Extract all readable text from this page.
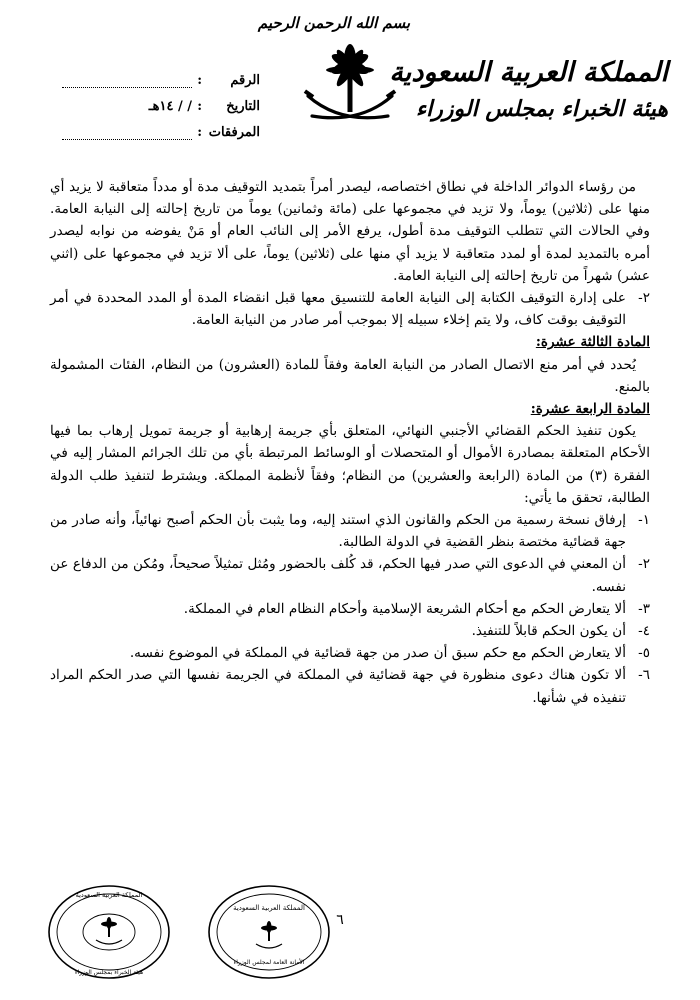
بسم الله الرحمن الرحيم
المملكة العربية السعودية
هيئة الخبراء بمجلس الوزراء
الرقم
:
التاريخ
:
/ / ١٤هـ
المرفقات
:

من رؤساء الدوائر الداخلة في نطاق اختصاصه، ليصدر أمراً بتمديد التوقيف مدة أو مدداً متعاقبة لا يزيد أي منها على (ثلاثين) يوماً، ولا تزيد في مجموعها على (مائة وثمانين) يوماً من تاريخ إحالته إلى النيابة العامة. وفي الحالات التي تتطلب التوقيف مدة أطول، يرفع الأمر إلى النائب العام أو مَنْ يفوضه من نوابه ليصدر أمره بالتمديد لمدة أو لمدد متعاقبة لا يزيد أي منها على (ثلاثين) يوماً، على ألا تزيد في مجموعها على (اثني عشر) شهراً من تاريخ إحالته إلى النيابة العامة.

٢-
على إدارة التوقيف الكتابة إلى النيابة العامة للتنسيق معها قبل انقضاء المدة أو المدد المحددة في أمر التوقيف بوقت كاف، ولا يتم إخلاء سبيله إلا بموجب أمر صادر من النيابة العامة.

المادة الثالثة عشرة:

يُحدد في أمر منع الاتصال الصادر من النيابة العامة وفقاً للمادة (العشرون) من النظام، الفئات المشمولة بالمنع.

المادة الرابعة عشرة:

يكون تنفيذ الحكم القضائي الأجنبي النهائي، المتعلق بأي جريمة إرهابية أو جريمة تمويل إرهاب بما فيها الأحكام المتعلقة بمصادرة الأموال أو المتحصلات أو الوسائط المرتبطة بأي من تلك الجرائم المشار إليه في الفقرة (٣) من المادة (الرابعة والعشرين) من النظام؛ وفقاً لأنظمة المملكة. ويشترط لتنفيذ طلب الدولة الطالبة، تحقق ما يأتي:

١-
إرفاق نسخة رسمية من الحكم والقانون الذي استند إليه، وما يثبت بأن الحكم أصبح نهائياً، وأنه صادر من جهة قضائية مختصة بنظر القضية في الدولة الطالبة.
٢-
أن المعني في الدعوى التي صدر فيها الحكم، قد كُلف بالحضور ومُثل تمثيلاً صحيحاً، ومُكن من الدفاع عن نفسه.
٣-
ألا يتعارض الحكم مع أحكام الشريعة الإسلامية وأحكام النظام العام في المملكة.
٤-
أن يكون الحكم قابلاً للتنفيذ.
٥-
ألا يتعارض الحكم مع حكم سبق أن صدر من جهة قضائية في المملكة في الموضوع نفسه.
٦-
ألا تكون هناك دعوى منظورة في جهة قضائية في المملكة في الجريمة نفسها التي صدر الحكم المراد تنفيذه في شأنها.
المملكة العربية السعودية
هيئة الخبراء بمجلس الوزراء
المملكة العربية السعودية
الأمانة العامة لمجلس الوزراء
٦
